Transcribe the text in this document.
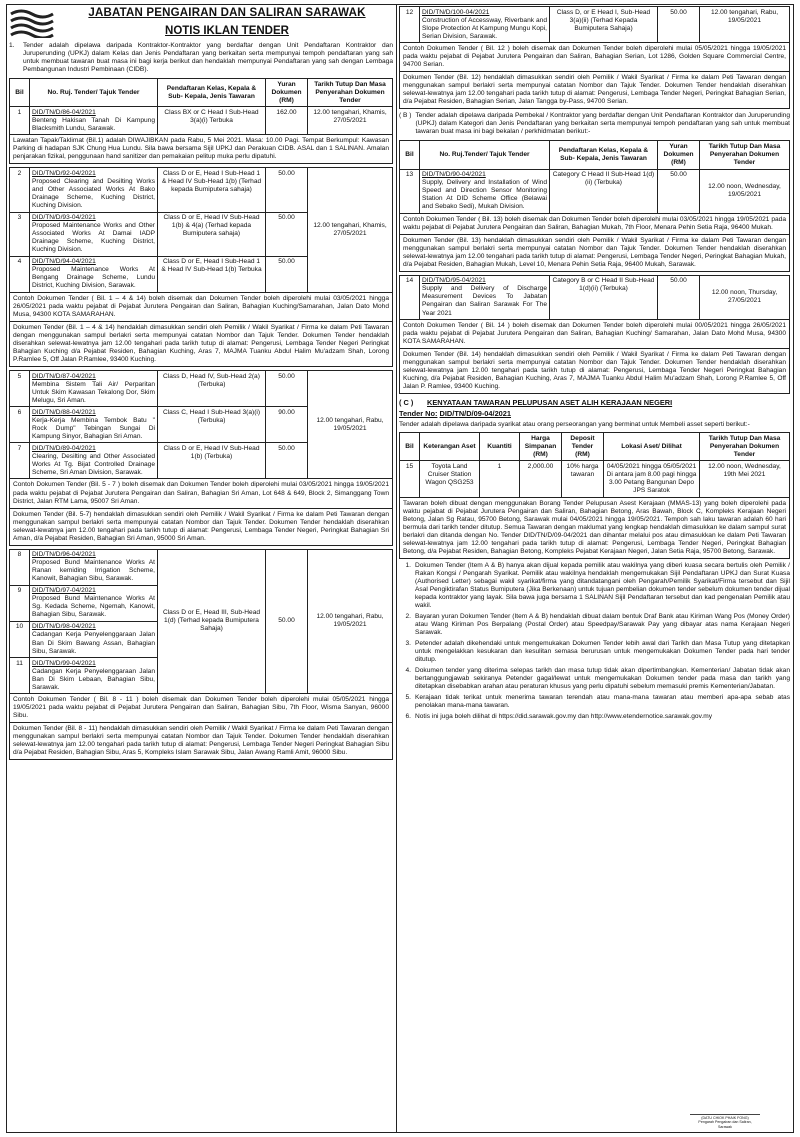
JABATAN PENGAIRAN DAN SALIRAN SARAWAK
NOTIS IKLAN TENDER
1.	Tender adalah dipelawa daripada Kontraktor-Kontraktor yang berdaftar dengan Unit Pendaftaran Kontraktor dan Juruperunding (UPKJ) dalam Kelas dan Jenis Pendaftaran yang berkaitan serta mempunyai tempoh pendaftaran yang sah untuk membuat tawaran buat masa ini bagi kerja berikut dan hendaklah mempunyai Pendaftaran yang sah dengan Lembaga Pembangunan Industri Pembinaan (CIDB).
Bil	No. Ruj. Tender/ Tajuk Tender	Pendaftaran Kelas, Kepala & Sub- Kepala, Jenis Tawaran	Yuran Dokumen (RM)	Tarikh Tutup Dan Masa Penyerahan Dokumen Tender
1	DID/TN/D/86-04/2021
Benteng Hakisan Tanah Di Kampung Blacksmith Lundu, Sarawak.	Class BX or C Head I Sub-Head 3(a)(i) Terbuka	162.00	12.00 tengahari, Khamis, 27/05/2021
Lawatan Tapak/Taklimat (Bil.1) adalah DIWAJIBKAN pada Rabu, 5 Mei 2021. Masa: 10.00 Pagi. Tempat Berkumpul: Kawasan Parking di hadapan SJK Chung Hua Lundu. Sila bawa bersama Sijil UPKJ dan Perakuan CIDB. ASAL dan 1 SALINAN. Amalan penjarakan fizikal, penggunaan hand sanitizer dan pemakaian pelitup muka perlu dipatuhi.
2	DID/TN/D/92-04/2021
Proposed Clearing and Desilting Works and Other Associated Works At Bako Drainage Scheme, Kuching District, Kuching Division.	Class D or E, Head I Sub-Head 1 & Head IV Sub-Head 1(b) (Terhad kepada Bumiputera sahaja)	50.00	12.00 tengahari, Khamis, 27/05/2021
3	DID/TN/D/93-04/2021
Proposed Maintenance Works and Other Associated Works At Damai IADP Drainage Scheme, Kuching District, Kuching Division.	Class D or E, Head IV Sub-Head 1(b) & 4(a) (Terhad kepada Bumiputera sahaja)	50.00	
4	DID/TN/D/94-04/2021
Proposed Maintenance Works At Bengang Drainage Scheme, Lundu District, Kuching Division, Sarawak.	Class D or E, Head I Sub-Head 1 & Head IV Sub-Head 1(b) Terbuka	50.00	
Contoh Dokumen Tender ( Bil. 1 – 4 & 14) boleh disemak dan Dokumen Tender boleh diperolehi mulai 03/05/2021 hingga 26/05/2021 pada waktu pejabat di Pejabat Jurutera Pengairan dan Saliran, Bahagian Kuching/Samarahan, Jalan Dato Mohd Musa, 94300 KOTA SAMARAHAN.
Dokumen Tender (Bil. 1 – 4 & 14) hendaklah dimasukkan sendiri oleh Pemilik / Wakil Syarikat / Firma ke dalam Peti Tawaran dengan menggunakan sampul berlakri serta mempunyai catatan Nombor dan Tajuk Tender. Dokumen Tender hendaklah diserahkan selewat-lewatnya jam 12.00 tengahari pada tarikh tutup di alamat: Pengerusi, Lembaga Tender Negeri Peringkat Bahagian Kuching d/a Pejabat Residen, Bahagian Kuching, Aras 7, MAJMA Tuanku Abdul Halim Mu'adzam Shah, Lorong P.Ramlee 5, Off Jalan P.Ramlee, 93400 Kuching.
5	DID/TN/D/87-04/2021
Membina Sistem Tali Air/ Perparitan Untuk Skim Kawasan Tekalong Dor, Skim Melugu, Sri Aman.	Class D, Head IV, Sub-Head 2(a) (Terbuka)	50.00	12.00 tengahari, Rabu, 19/05/2021
6	DID/TN/D/88-04/2021
Kerja-Kerja Membina Tembok Batu " Rock Dump" Tebingan Sungai Di Kampung Sinyor, Bahagian Sri Aman.	Class C, Head I Sub-Head 3(a)(i) (Terbuka)	90.00	
7	DID/TN/D/89-04/2021
Clearing, Desilting and Other Associated Works At Tg. Bijat Controlled Drainage Scheme, Sri Aman Division, Sarawak.	Class D or E, Head IV Sub-Head 1(b) (Terbuka)	50.00	
Contoh Dokumen Tender (Bil. 5 - 7 ) boleh disemak dan Dokumen Tender boleh diperolehi mulai 03/05/2021 hingga 19/05/2021 pada waktu pejabat di Pejabat Jurutera Pengairan dan Saliran, Bahagian Sri Aman, Lot 648 & 649, Block 2, Simanggang Town District, Jalan RTM Lama, 95007 Sri Aman.
Dokumen Tender (Bil. 5-7) hendaklah dimasukkan sendiri oleh Pemilik / Wakil Syarikat / Firma ke dalam Peti Tawaran dengan menggunakan sampul berlakri serta mempunyai catatan Nombor dan Tajuk Tender. Dokumen Tender hendaklah diserahkan selewat-lewatnya jam 12.00 tengahari pada tarikh tutup di alamat: Pengerusi, Lembaga Tender Negeri, Peringkat Bahagian Sri Aman, d/a Pejabat Residen, Bahagian Sri Aman, 95000 Sri Aman.
8	DID/TN/D/96-04/2021
Proposed Bund Maintenance Works At Ranan kemiding Irrigation Scheme, Kanowit, Bahagian Sibu, Sarawak.	Class D or E, Head III, Sub-Head 1(d) (Terhad kepada Bumiputera Sahaja)	50.00	12.00 tengahari, Rabu, 19/05/2021
9	DID/TN/D/97-04/2021
Proposed Bund Maintenance Works At Sg. Kedada Scheme, Ngemah, Kanowit, Bahagian Sibu, Sarawak.			

10	DID/TN/D/98-04/2021
Cadangan Kerja Penyelenggaraan Jalan Ban Di Skim Bawang Assan, Bahagian Sibu, Sarawak.			

11	DID/TN/D/99-04/2021
Cadangan Kerja Penyelenggaraan Jalan Ban Di Skim Lebaan, Bahagian Sibu, Sarawak.			
Contoh Dokumen Tender ( Bil. 8 - 11 ) boleh disemak dan Dokumen Tender boleh diperolehi mulai 05/05/2021 hingga 19/05/2021 pada waktu pejabat di Pejabat Jurutera Pengairan dan Saliran, Bahagian Sibu, 7th Floor, Wisma Sanyan, 96000 Sibu.
Dokumen Tender (Bil. 8 - 11) hendaklah dimasukkan sendiri oleh Pemilik / Wakil Syarikat / Firma ke dalam Peti Tawaran dengan menggunakan sampul berlakri serta mempunyai catatan Nombor dan Tajuk Tender. Dokumen Tender hendaklah diserahkan selewat-lewatnya jam 12.00 tengahari pada tarikh tutup di alamat: Pengerusi, Lembaga Tender Negeri Peringkat Bahagian Sibu d/a Pejabat Residen, Bahagian Sibu, Aras 5, Kompleks Islam Sarawak Sibu, Jalan Awang Ramli Amit, 96000 Sibu.
12	DID/TN/D/100-04/2021
Construction of Accessway, Riverbank and Slope Protection At Kampung Mungu Kopi, Serian Division, Sarawak.
	Class D, or E Head I, Sub-Head 3(a)(ii) (Terhad Kepada Bumiputera Sahaja)	50.00	12.00 tengahari, Rabu, 19/05/2021
Contoh Dokumen Tender ( Bil. 12 ) boleh disemak dan Dokumen Tender boleh diperolehi mulai 05/05/2021 hingga 19/05/2021 pada waktu pejabat di Pejabat Jurutera Pengairan dan Saliran, Bahagian Serian, Lot 1286, Golden Square Commercial Centre, 94700 Serian.
Dokumen Tender (Bil. 12) hendaklah dimasukkan sendiri oleh Pemilik / Wakil Syarikat / Firma ke dalam Peti Tawaran dengan menggunakan sampul berlakri serta mempunyai catatan Nombor dan Tajuk Tender. Dokumen Tender hendaklah diserahkan selewat-lewatnya jam 12.00 tengahari pada tarikh tutup di alamat: Pengerusi, Lembaga Tender Negeri, Peringkat Bahagian Serian, d/a Pejabat Residen, Bahagian Serian, Jalan Tangga by-Pass, 94700 Serian.
( B ) Tender adalah dipelawa daripada Pembekal / Kontraktor yang berdaftar dengan Unit Pendaftaran Kontraktor dan Juruperunding (UPKJ) dalam Kategori dan Jenis Pendaftaran yang berkaitan serta mempunyai tempoh pendaftaran yang sah untuk membuat tawaran buat masa ini bagi bekalan / perkhidmatan berikut:-
Bil	No. Ruj.Tender/ Tajuk Tender	Pendaftaran Kelas, Kepala & Sub- Kepala, Jenis Tawaran	Yuran Dokumen (RM)	Tarikh Tutup Dan Masa Penyerahan Dokumen Tender
13	DID/TN/D/90-04/2021
Supply, Delivery and Installation of Wind Speed and Direction Sensor Monitoring Station At DID Scheme Office (Belawai and Sebako Sedi), Mukah Division.	Category C Head II Sub-Head 1(d)(ii) (Terbuka)	50.00	12.00 noon, Wednesday, 19/05/2021
Contoh Dokumen Tender ( Bil. 13) boleh disemak dan Dokumen Tender boleh diperolehi mulai 03/05/2021 hingga 19/05/2021 pada waktu pejabat di Pejabat Jurutera Pengairan dan Saliran, Bahagian Mukah, 7th Floor, Menara Pehin Setia Raja, 96400 Mukah.
Dokumen Tender (Bil. 13) hendaklah dimasukkan sendiri oleh Pemilik / Wakil Syarikat / Firma ke dalam Peti Tawaran dengan menggunakan sampul berlakri serta mempunyai catatan Nombor dan Tajuk Tender. Dokumen Tender hendaklah diserahkan selewat-lewatnya jam 12.00 tengahari pada tarikh tutup di alamat: Pengerusi, Lembaga Tender Negeri, Peringkat Bahagian Mukah, d/a Pejabat Residen, Bahagian Mukah, Level 10, Menara Pehin Setia Raja, 96400 Mukah, Sarawak.
14	DID/TN/D/95-04/2021
Supply and Delivery of Discharge Measurement Devices To Jabatan Pengairan dan Saliran Sarawak For The Year 2021
	Category B or C Head II Sub-Head 1(d)(ii) (Terbuka)	50.00	12.00 noon, Thursday, 27/05/2021
Contoh Dokumen Tender ( Bil. 14 ) boleh disemak dan Dokumen Tender boleh diperolehi mulai 00/05/2021 hingga 26/05/2021 pada waktu pejabat di Pejabat Jurutera Pengairan dan Saliran, Bahagian Kuching/ Samarahan, Jalan Dato Mohd Musa, 94300 KOTA SAMARAHAN.
Dokumen Tender (Bil. 14) hendaklah dimasukkan sendiri oleh Pemilik / Wakil Syarikat / Firma ke dalam Peti Tawaran dengan menggunakan sampul berlakri serta mempunyai catatan Nombor dan Tajuk Tender. Dokumen Tender hendaklah diserahkan selewat-lewatnya jam 12.00 tengahari pada tarikh tutup di alamat: Pengerusi, Lembaga Tender Negeri Peringkat Bahagian Kuching, d/a Pejabat Residen, Bahagian Kuching, Aras 7, MAJMA Tuanku Abdul Halim Mu'adzam Shah, Lorong P.Ramlee 5, Off Jalan P. Ramlee, 93400 Kuching.
( C )	KENYATAAN TAWARAN PELUPUSAN ASET ALIH KERAJAAN NEGERI
Tender No: DID/TN/D/09-04/2021
Tender adalah dipelawa daripada syarikat atau orang perseorangan yang berminat untuk Membeli asset seperti berikut:-
Bil	Keterangan Aset	Kuantiti	Harga Simpanan (RM)	Deposit Tender (RM)	Lokasi Aset/ Dilihat	Tarikh Tutup Dan Masa Penyerahan Dokumen Tender
15	Toyota Land Cruiser Station Wagon QSG253	1	2,000.00	10% harga tawaran	04/05/2021 hingga 05/05/2021 Di antara jam 8.00 pagi hingga 3.00 Petang Bangunan Depo JPS Saratok	12.00 noon, Wednesday, 19th Mei 2021
Tawaran boleh dibuat dengan menggunakan Borang Tender Pelupusan Asest Kerajaan (MMAS-13) yang boleh diperolehi pada waktu pejabat di Pejabat Jurutera Pengairan dan Saliran, Bahagian Betong, Aras Bawah, Block C, Kompleks Kerajaan Negeri Betong, Jalan Sg Ratau, 95700 Betong, Sarawak mulai 04/05/2021 hingga 19/05/2021. Tempoh sah laku tawaran adalah 60 hari bermula dari tarikh tender ditutup. Semua Tawaran dengan maklumat yang lengkap hendaklah dimasukkan ke dalam sampul surat berlakri dan ditanda dengan No. Tender DID/TN/D/09-04/2021 dan dihantar melalui pos atau dimasukkan ke dalam Peti Tawaran selewat-lewatnya jam 12.00 tengahari pada tarikh tutup di alamat: Pengerusi, Lembaga Tender Negeri, Peringkat Bahagian Betong, d/a Pejabat Residen, Bahagian Betong, Kompleks Pejabat Kerajaan Negeri, Jalan Setia Raja, 95700 Betong, Sarawak.
1. Dokumen Tender (Item A & B) hanya akan dijual kepada pemilik atau wakilnya yang diberi kuasa secara bertulis oleh Pemilik / Rakan Kongsi / Pengarah Syarikat. Pemilik atau wakilnya hendaklah mengemukakan Sijil Pendaftaran UPKJ dan Surat Kuasa (Authorised Letter) sebagai wakil syarikat/firma yang ditandatangani oleh Pengarah/Pemilik Syarikat/Firma tersebut dan Sijil Asal Pengiktirafan Status Bumiputera (Jika Berkenaan) untuk tujuan pembelian dokumen tender sebelum dokumen tender dijual kepada kontraktor yang layak. Sila bawa juga bersama 1 SALINAN Sijil Pendaftaran tersebut dan kad pengenalan Pemilik atau wakil.
2. Bayaran yuran Dokumen Tender (Item A & B) hendaklah dibuat dalam bentuk Draf Bank atau Kiriman Wang Pos (Money Order) atau Wang Kiriman Pos Berpalang (Postal Order) atau Speedpay/Sarawak Pay yang dibayar atas nama Kerajaan Negeri Sarawak.
3. Petender adalah dikehendaki untuk mengemukakan Dokumen Tender lebih awal dari Tarikh dan Masa Tutup yang ditetapkan untuk mengelakkan kesukaran dan kesulitan semasa berurusan untuk mengemukakan Dokumen Tender pada hari tender ditutup.
4. Dokumen tender yang diterima selepas tarikh dan masa tutup tidak akan dipertimbangkan. Kementerian/ Jabatan tidak akan bertanggungjawab sekiranya Petender gagal/lewat untuk mengemukakan Dokumen tender pada masa dan tarikh yang ditetapkan disebabkan arahan atau peraturan khusus yang perlu dipatuhi sebelum memasuki premis Kementerian/Jabatan.
5. Kerajaan tidak terikat untuk menerima tawaran terendah atau mana-mana tawaran atau memberi apa-apa sebab atas penolakan mana-mana tawaran.
6. Notis ini juga boleh dilihat di https://did.sarawak.gov.my dan http://www.etendernotice.sarawak.gov.my
(DATU CHIOK PHAIK FONG)
Pengarah Pengairan dan Saliran,
Sarawak
